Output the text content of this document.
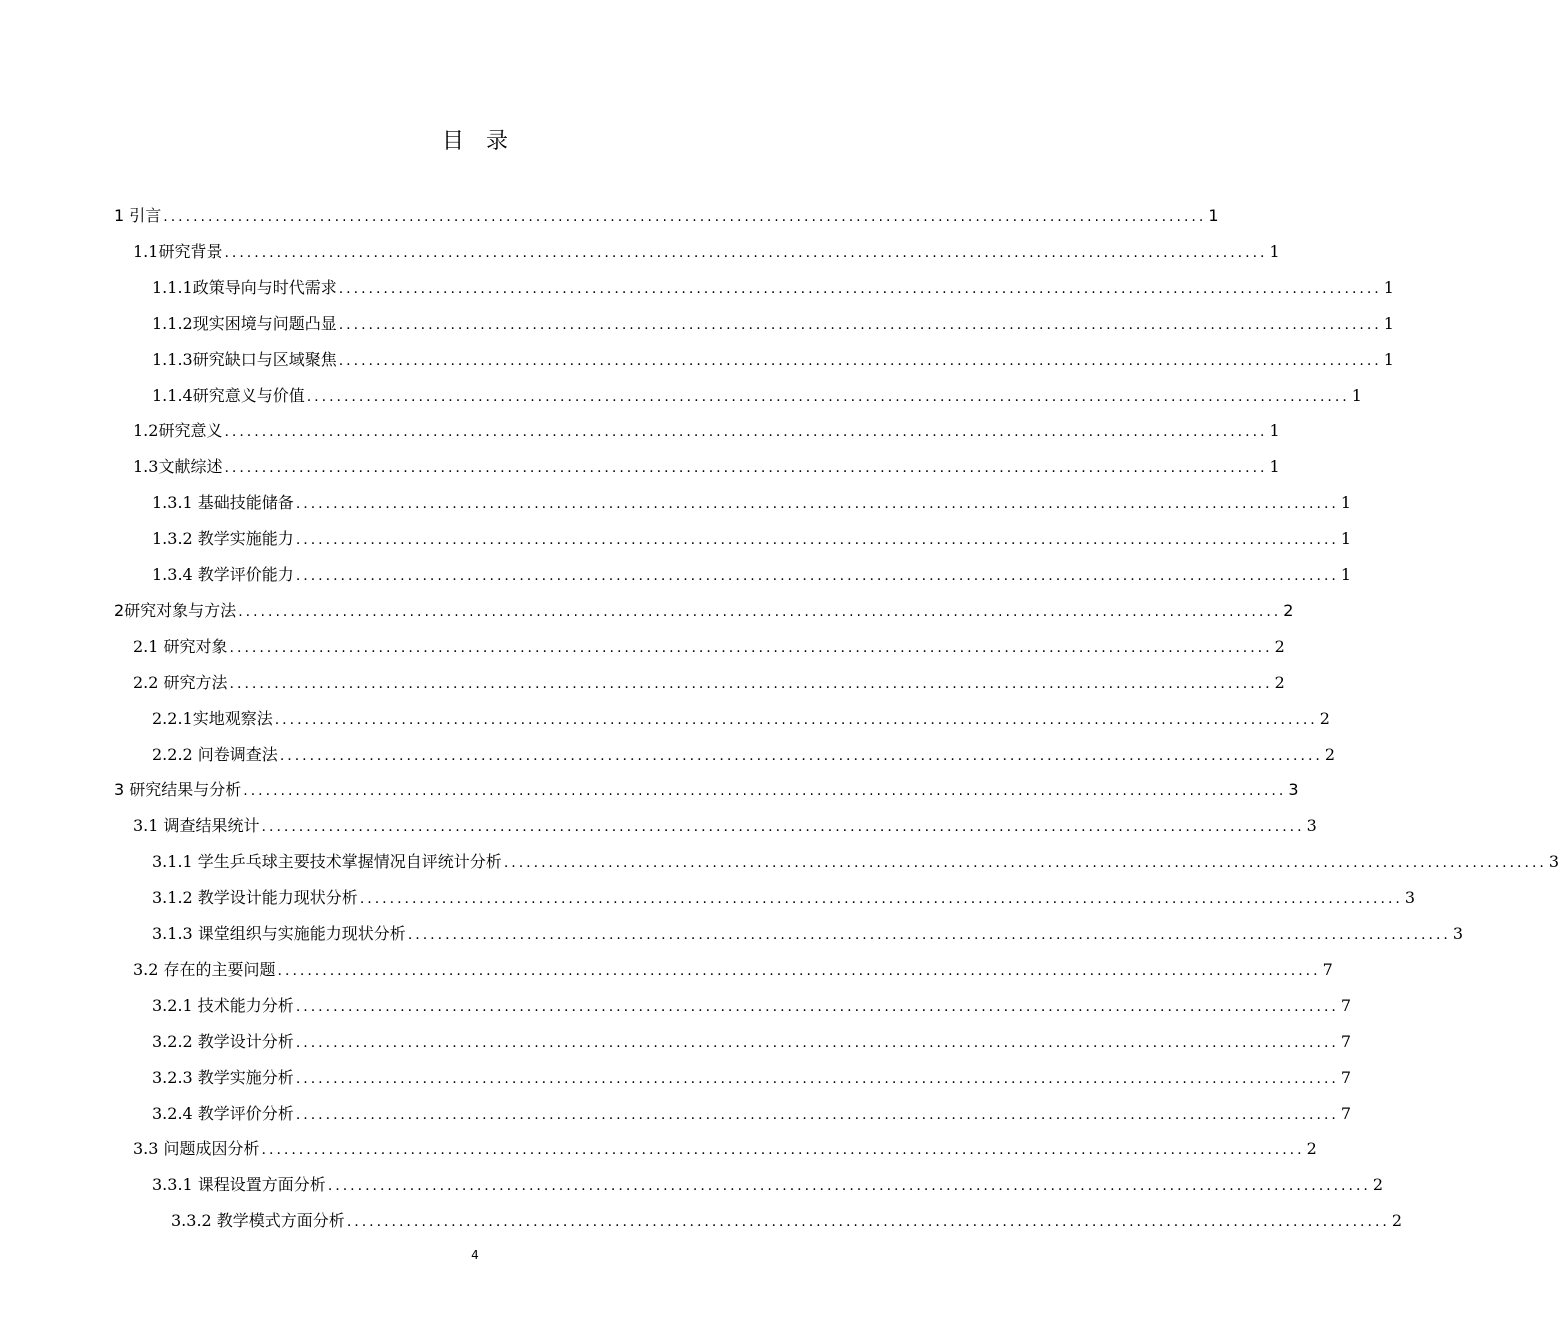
目录
1 引言 ............................................................................................................................................ 1
1.1研究背景 ............................................................................................................................................ 1
1.1.1政策导向与时代需求 ............................................................................................................................................ 1
1.1.2现实困境与问题凸显 ............................................................................................................................................ 1
1.1.3研究缺口与区域聚焦 ............................................................................................................................................ 1
1.1.4研究意义与价值 ............................................................................................................................................ 1
1.2研究意义 ............................................................................................................................................ 1
1.3文献综述 ............................................................................................................................................ 1
1.3.1 基础技能储备 ............................................................................................................................................ 1
1.3.2 教学实施能力 ............................................................................................................................................ 1
1.3.4 教学评价能力 ............................................................................................................................................ 1
2研究对象与方法 ............................................................................................................................................ 2
2.1 研究对象 ............................................................................................................................................ 2
2.2 研究方法 ............................................................................................................................................ 2
2.2.1实地观察法 ............................................................................................................................................ 2
2.2.2 问卷调查法 ............................................................................................................................................ 2
3 研究结果与分析 ............................................................................................................................................ 3
3.1 调查结果统计 ............................................................................................................................................ 3
3.1.1 学生乒乓球主要技术掌握情况自评统计分析 ............................................................................................................................................ 3
3.1.2 教学设计能力现状分析 ............................................................................................................................................ 3
3.1.3 课堂组织与实施能力现状分析 ............................................................................................................................................ 3
3.2 存在的主要问题 ............................................................................................................................................ 7
3.2.1 技术能力分析 ............................................................................................................................................ 7
3.2.2 教学设计分析 ............................................................................................................................................ 7
3.2.3 教学实施分析 ............................................................................................................................................ 7
3.2.4 教学评价分析 ............................................................................................................................................ 7
3.3 问题成因分析 ............................................................................................................................................ 2
3.3.1 课程设置方面分析 ............................................................................................................................................ 2
3.3.2 教学模式方面分析 ............................................................................................................................................ 2
4
